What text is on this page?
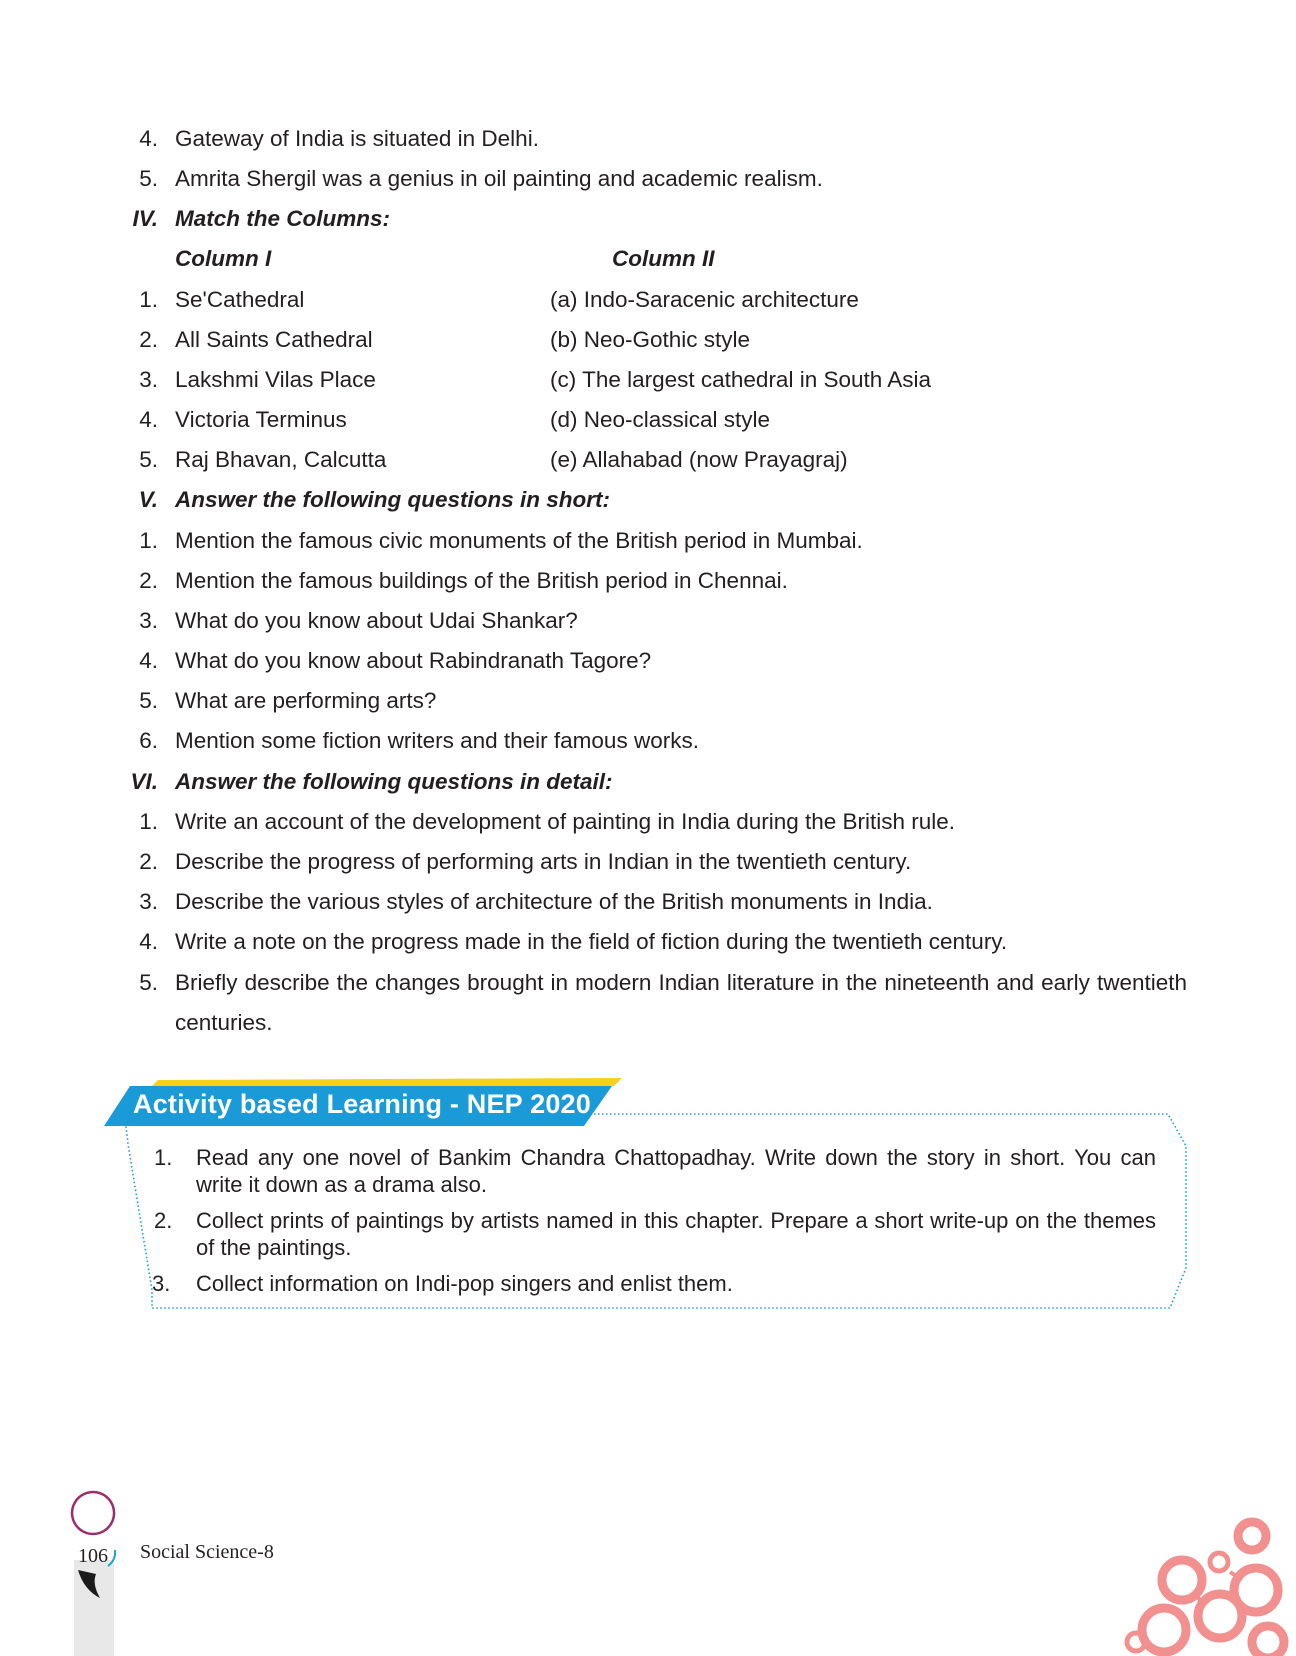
4. Gateway of India is situated in Delhi.
5. Amrita Shergil was a genius in oil painting and academic realism.
IV. Match the Columns:
Column I	Column II
1. Se'Cathedral	(a) Indo-Saracenic architecture
2. All Saints Cathedral	(b) Neo-Gothic style
3. Lakshmi Vilas Place	(c) The largest cathedral in South Asia
4. Victoria Terminus	(d) Neo-classical style
5. Raj Bhavan, Calcutta	(e) Allahabad (now Prayagraj)
V. Answer the following questions in short:
1. Mention the famous civic monuments of the British period in Mumbai.
2. Mention the famous buildings of the British period in Chennai.
3. What do you know about Udai Shankar?
4. What do you know about Rabindranath Tagore?
5. What are performing arts?
6. Mention some fiction writers and their famous works.
VI. Answer the following questions in detail:
1. Write an account of the development of painting in India during the British rule.
2. Describe the progress of performing arts in Indian in the twentieth century.
3. Describe the various styles of architecture of the British monuments in India.
4. Write a note on the progress made in the field of fiction during the twentieth century.
5. Briefly describe the changes brought in modern Indian literature in the nineteenth and early twentieth centuries.
Activity based Learning - NEP 2020
1.	Read any one novel of Bankim Chandra Chattopadhay. Write down the story in short. You can write it down as a drama also.
2.	Collect prints of paintings by artists named in this chapter. Prepare a short write-up on the themes of the paintings.
3.	Collect information on Indi-pop singers and enlist them.
106 Social Science-8
